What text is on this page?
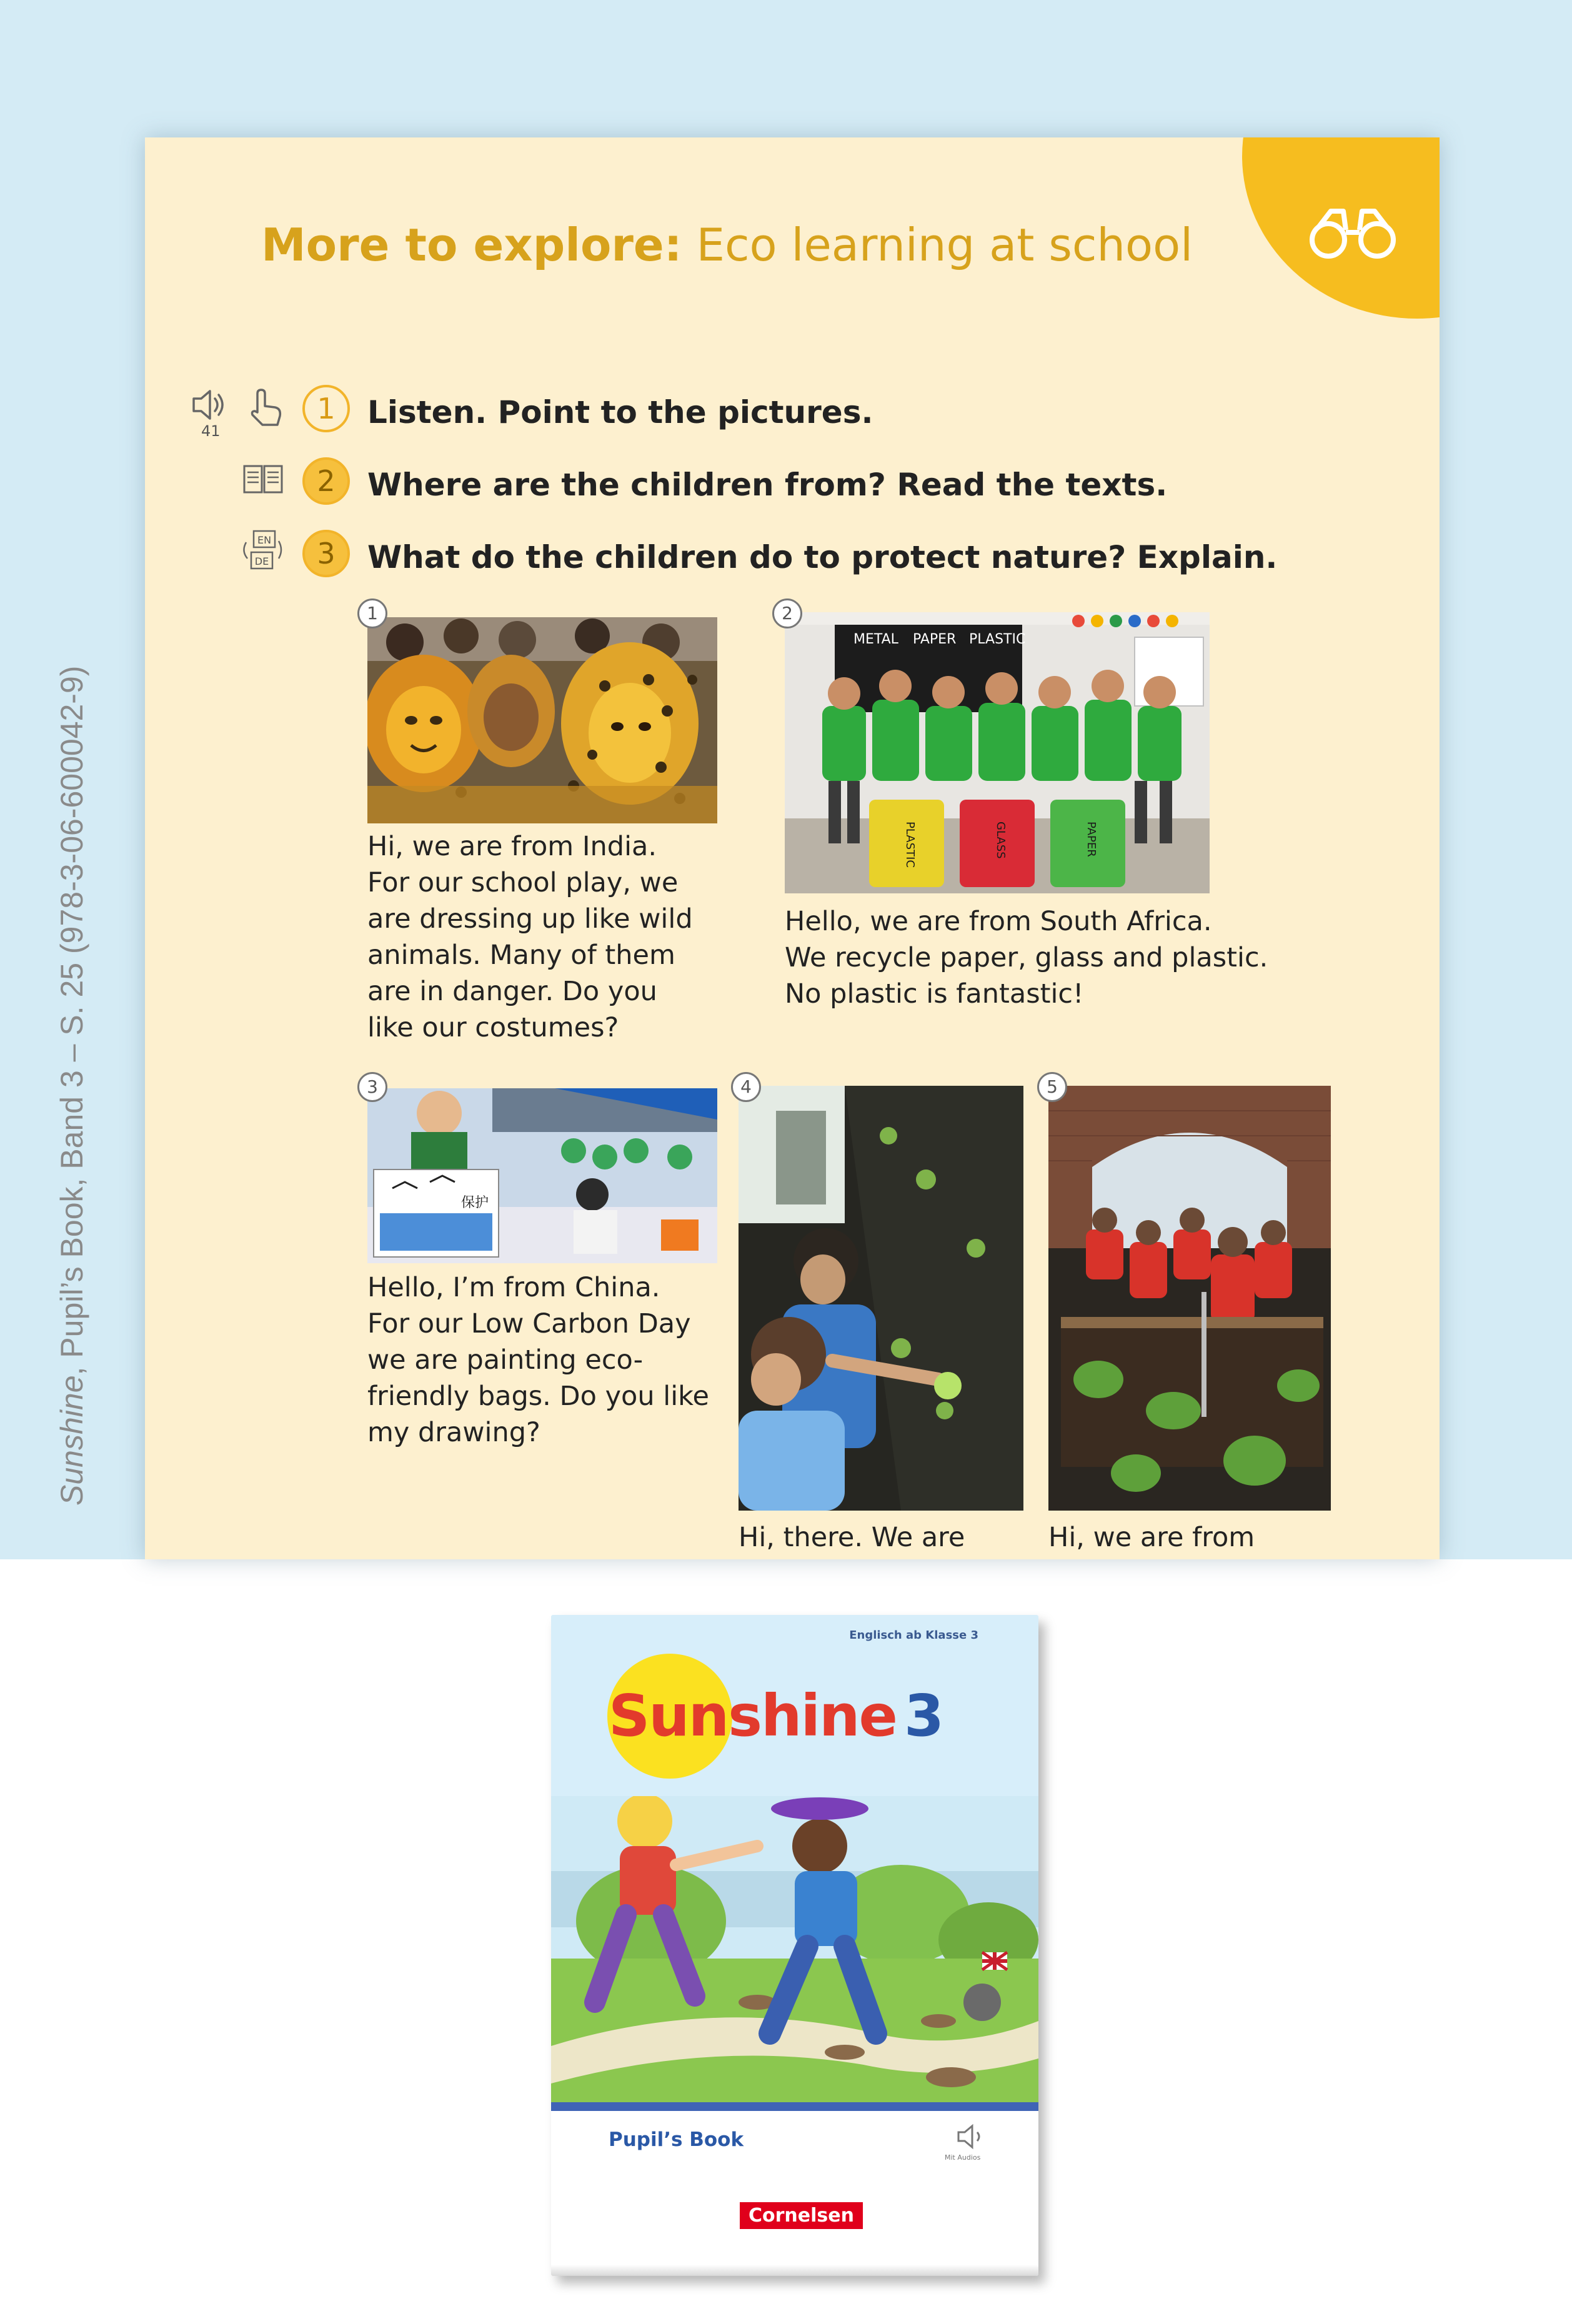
Sunshine, Pupil’s Book, Band 3 – S. 25 (978-3-06-600042-9)
More to explore: Eco learning at school
41
EN
DE
1	Listen. Point to the pictures.
2	Where are the children from? Read the texts.
3	What do the children do to protect nature? Explain.
1
Hi, we are from India.
For our school play, we
are dressing up like wild
animals. Many of them
are in danger. Do you
like our costumes?
2
METAL PAPER PLASTIC
PLASTIC	GLASS	PAPER
Hello, we are from South Africa.
We recycle paper, glass and plastic.
No plastic is fantastic!
3
保护
Hello, I’m from China.
For our Low Carbon Day
we are painting eco-
friendly bags. Do you like
my drawing?
4
Hi, there. We are
5
Hi, we are from
Englisch ab Klasse 3
Sunshine 3
Pupil’s Book
Mit Audios
Cornelsen
